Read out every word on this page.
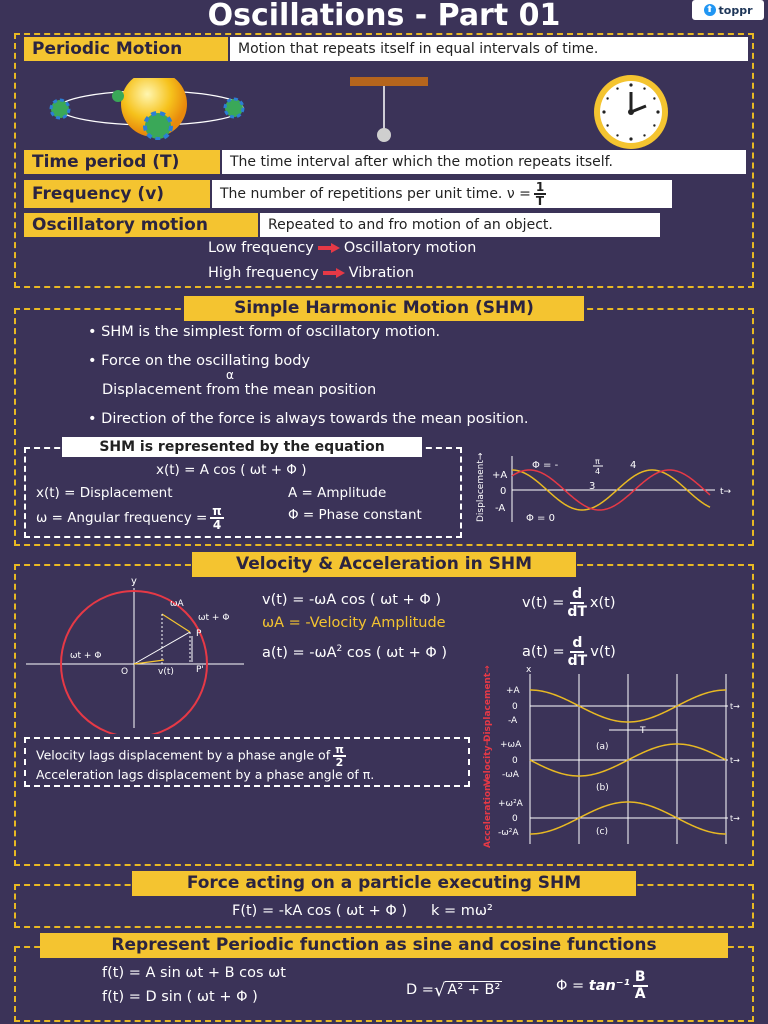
Oscillations - Part 01	⬆ toppr
Periodic Motion	Motion that repeats itself in equal intervals of time.
Time period (T)	The time interval after which the motion repeats itself.
Frequency (v)	The number of repetitions per unit time. $\nu = \frac{1}{T}$
Oscillatory motion	Repeated to and fro motion of an object.
Low frequency Oscillatory motion
High frequency Vibration
Simple Harmonic Motion (SHM)
• SHM is the simplest form of oscillatory motion.
• Force on the oscillating body
α
Displacement from the mean position
• Direction of the force is always towards the mean position.
SHM is represented by the equation
x(t) = A cos ( ωt + Φ )
x(t) = Displacement	A = Amplitude
ω = Angular frequency = $\frac{\pi}{4}$	Φ = Phase constant	Displacement→ +A
0
-A
t→
Φ = -	π
4
4
3
Φ = 0
Velocity & Acceleration in SHM
y
ωA
ωt + Φ
P
ωt + Φ
O	v(t) P'
v(t) = -ωA cos ( ωt + Φ )	$v(t) = \frac{d}{dT} x(t)$
ωA = -Velocity Amplitude
$a(t) = -\omega A^2$ cos ( ωt + Φ )	$a(t) = \frac{d}{dT} v(t)$
Velocity lags displacement by a phase angle of $\frac{\pi}{2}$
Acceleration lags displacement by a phase angle of π.
x
Displacement→
Velocity→
Acceleration→
+A
0
-A
T
+ωA
0
-ωA
+ω²A
0
-ω²A
(a)
(b)
(c)
t→
t→
t→
Force acting on a particle executing SHM
F(t) = -kA cos ( ωt + Φ ) k = mω²
Represent Periodic function as sine and cosine functions
f(t) = A sin ωt + B cos ωt
f(t) = D sin ( ωt + Φ )	D =√ A² + B²	$\Phi = \tan^{-1} \frac{B}{A}$
